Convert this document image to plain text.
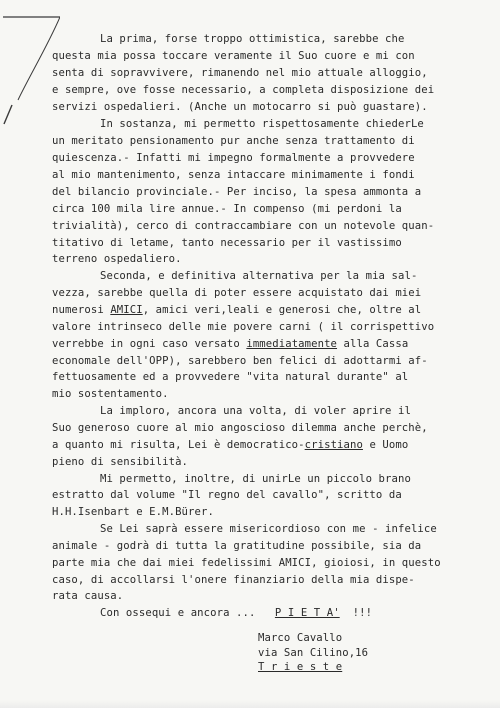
La prima, forse troppo ottimistica, sarebbe che
questa mia possa toccare veramente il Suo cuore e mi con
senta di sopravvivere, rimanendo nel mio attuale alloggio,
e sempre, ove fosse necessario, a completa disposizione dei
servizi ospedalieri. (Anche un motocarro si può guastare).
In sostanza, mi permetto rispettosamente chiederLe
un meritato pensionamento pur anche senza trattamento di
quiescenza.- Infatti mi impegno formalmente a provvedere
al mio mantenimento, senza intaccare minimamente i fondi
del bilancio provinciale.- Per inciso, la spesa ammonta a
circa 100 mila lire annue.- In compenso (mi perdoni la
trivialità), cerco di contraccambiare con un notevole quan-
titativo di letame, tanto necessario per il vastissimo
terreno ospedaliero.
Seconda, e definitiva alternativa per la mia sal-
vezza, sarebbe quella di poter essere acquistato dai miei
numerosi AMICI, amici veri,leali e generosi che, oltre al
valore intrinseco delle mie povere carni ( il corrispettivo
verrebbe in ogni caso versato immediatamente alla Cassa
economale dell'OPP), sarebbero ben felici di adottarmi af-
fettuosamente ed a provvedere "vita natural durante" al
mio sostentamento.
La imploro, ancora una volta, di voler aprire il
Suo generoso cuore al mio angoscioso dilemma anche perchè,
a quanto mi risulta, Lei è democratico-cristiano e Uomo
pieno di sensibilità.
Mi permetto, inoltre, di unirLe un piccolo brano
estratto dal volume "Il regno del cavallo", scritto da
H.H.Isenbart e E.M.Bürer.
Se Lei saprà essere misericordioso con me - infelice
animale - godrà di tutta la gratitudine possibile, sia da
parte mia che dai miei fedelissimi AMICI, gioiosi, in questo
caso, di accollarsi l'onere finanziario della mia dispe-
rata causa.
Con ossequi e ancora ...   P I E T A'  !!!
Marco Cavallo
via San Cilino,16
T r i e s t e
